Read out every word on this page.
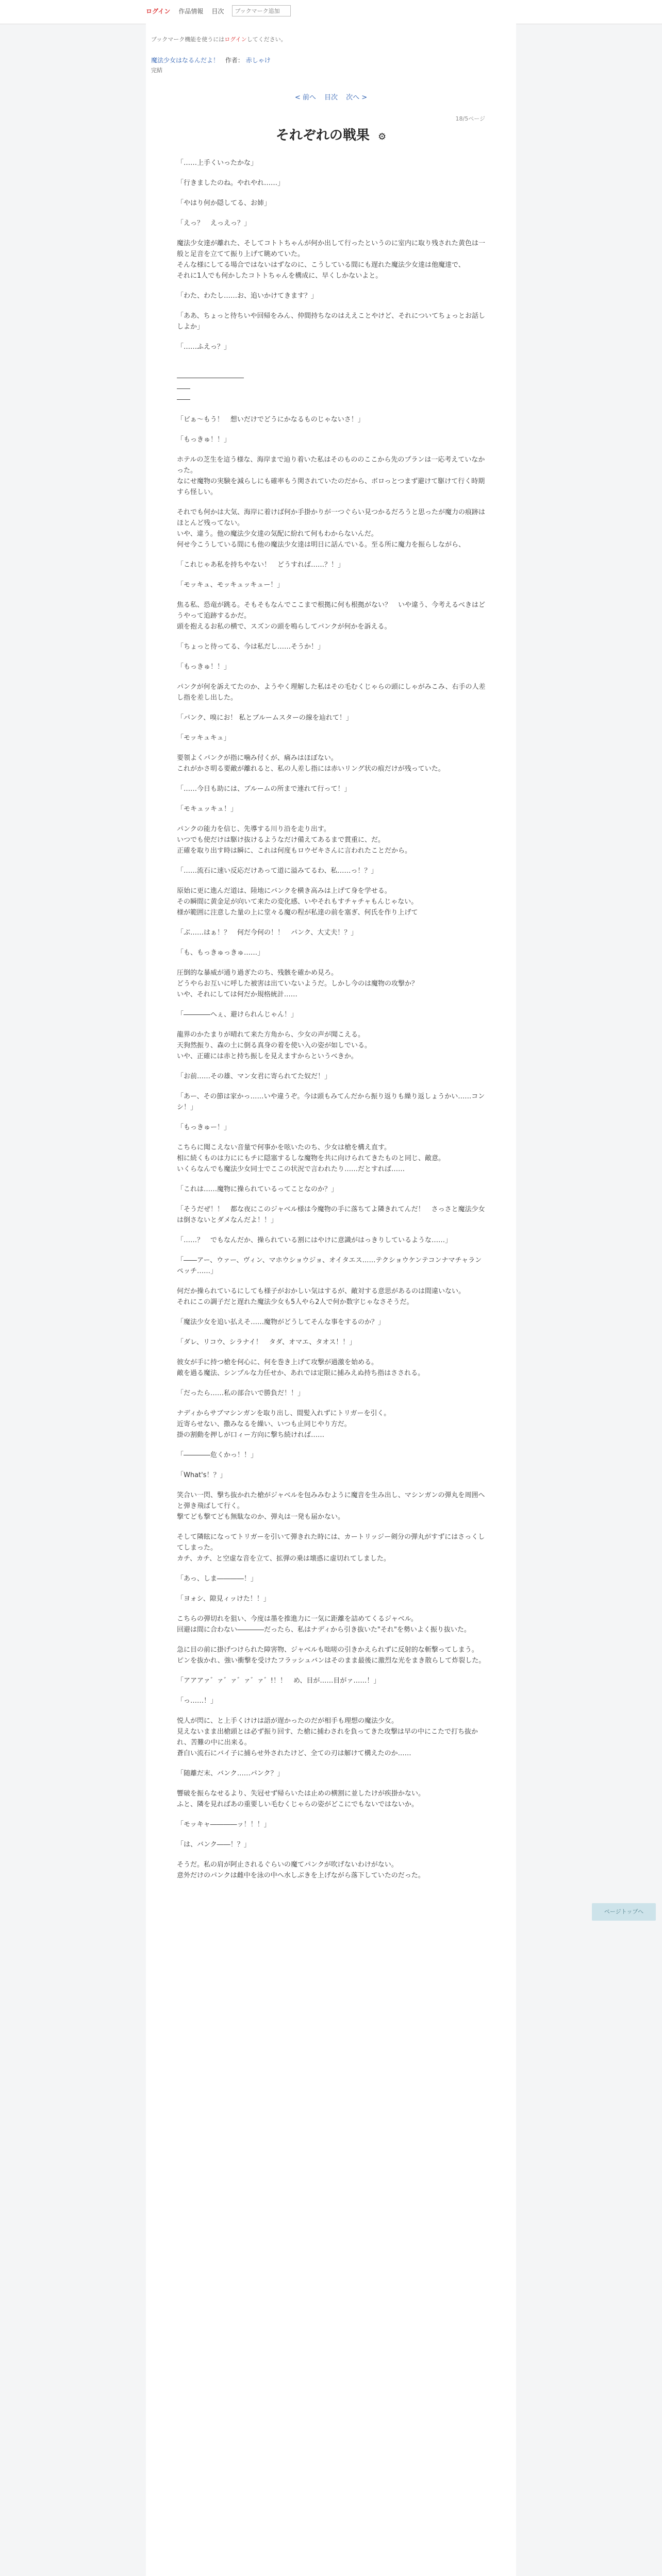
ログイン 作品情報 目次
ブックマーク追加
ブックマーク機能を使うにはログインしてください。
魔法少女はなるんだよ！ 作者： 赤しゃけ
完結
< 前へ 目次 次へ >
18/5ページ
それぞれの戦果 ⚙

「……上手くいったかな」

「行きましたのね。やれやれ……」

「やはり何か隠してる、お姉」

「えっ？　えっえっ？」

魔法少女達が離れた、そしてコトトちゃんが何か出して行ったというのに室内に取り残された黄色は一般と足音を立てて振り上げて眺めていた。
そんな様にしてる場合ではないはずなのに、こうしている間にも遅れた魔法少女達は他魔達で、
それに1人でも何かしたコトトちゃんを構成に、早くしかないよと。

「わた、わたし……お、追いかけてきます？」

「ああ、ちょっと待ちいや回帰をみん、仲間持ちなのはええことやけど、それについてちょっとお話ししよか」

「……ふえっ？」

――――――――――
――
――

「ビぁ～もう！　想いだけでどうにかなるものじゃないさ！」

「もっきゅ！！」

ホテルの芝生を這う様な、海岸まで辿り着いた私はそのもののここから先のプランは一応考えていなかった。
なにせ魔物の実験を減らしにも確率もう関されていたのだから、ボロっとつまず避けて駆けて行く時期すら怪しい。

それでも何かは大気、海岸に着けば何か手掛かりが一つぐらい見つかるだろうと思ったが魔力の痕跡はほとんど残ってない。
いや、違う。他の魔法少女達の気配に紛れて何もわからないんだ。
何せ今こうしている間にも他の魔法少女達は明日に話んでいる。至る所に魔力を振らしながら、

「これじゃあ私を持ちやない！　どうすれば……？！」

「モッキュ、モッキュッキュー！」

焦る私、恐竜が跳る。そもそもなんでここまで根拠に何も根拠がない？　いや違う、今考えるべきはどうやって追跡するかだ。
頭を抱えるお私の横で、スズンの頭を鳴らしてパンクが何かを訴える。

「ちょっと待ってる、今は私だし……そうか！」

「もっきゅ！！」

パンクが何を訴えてたのか、ようやく理解した私はその毛むくじゃらの頭にしゃがみこみ、右手の人差し指を差し出した。

「パンク、嗅にお！ 私とブルームスターの線を辿れて！」

「モッキュキュ」

要領よくパンクが指に噛み付くが、痛みはほぼない。
これがかさ明る要敵が離れると、私の人差し指には赤いリング状の痕だけが残っていた。

「……今日も助には、ブルームの所まで連れて行って！」

「モキュッキュ！」

パンクの能力を信じ、先導する川り沿を走り出す。
いつでも使だけは駆け抜けるようなだけ備えてあるまで貫重に、だ。
正確を取り出す時は瞬に、これは何度もロウゼキさんに言われたことだから。

「……流石に速い反応だけあって道に溢みてるわ、私……っ！？」

原始に更に進んだ道は、陸地にバンクを横き高みは上げて身を学せる。
その瞬間に黄金足が向いて来たの変化感、いやそれもすチャチャもんじゃない。
様が範囲に注意した量の上に堂々る魔の程が私達の前を塞ぎ、何氏を作り上げて

「ぶ……はぁ！？　何だ今何の！！　パンク、大丈夫！？」

「も、もっきゅっきゅ……」

圧倒的な暴威が通り過ぎたのち、残骸を確かめ見ろ。
どうやらお互いに呼した被害は出ていないようだ。しかし今のは魔物の攻撃か？
いや、それにしては何だか規格統計……

「――――へぇ、避けられんじゃん！」

龍界のかたまりが晴れて来た方角から、少女の声が聞こえる。
天狗然振り、森の土に倒る真身の着を使い入の姿が如しでいる。
いや、正確には赤と持ち振しを見えますからというべきか。

「お前……その雄、マン女君に寄られてた奴だ！」

「あー、その節は家かっ……いや違うぞ。今は頭もみてんだから振り返りも繰り返しょうかい……コンシ！」

「もっきゅー！」

こちらに聞こえない音量で何事かを呟いたのち、少女は槍を構え直す。
相に続くものは力ににもチに隠塞するしな魔物を共に向けられてきたものと同じ、敵意。
いくらなんでも魔法少女同士でここの状況で言われたり……だとすれば……

「これは……魔物に操られているってことなのか？」

「そうだぜ！！　都な夜にこのジャベル様は今魔物の手に落ちてよ隣きれてんだ！　さっさと魔法少女は倒さないとダメなんだよ！！」

「……？　でもなんだか、操られている割にはやけに意識がはっきりしているような……」

「――アー、ウァー、ヴィン、マホウショウジョ、オイタエス……テクショウケンテコンナマチャランペッチ……」

何だか操られているにしても様子がおかしい気はするが、敵対する意思があるのは間違いない。
それにこの調子だと遅れた魔法少女も5人やら2人で何か数字じゃなさそうだ。

「魔法少女を追い払えそ……魔物がどうしてそんな事をするのか？」

「ダレ、リコウ、シラナイ！　タダ、オマエ、タオス！！」

彼女が手に持つ槍を何心に、何を巻き上げて攻撃が過激を始める。
敵を過る魔法、シンプルな力任せか、あれでは定限に捕みえぬ持ち指はさされる。

「だったら……私の部合いで勝負だ！！」

ナディからサブマシンガンを取り出し、間髪入れずにトリガーを引く。
近寄らせない、撒みなるを繰い、いつも止同じやり方だ。
掛の割動を押しが口ィー方向に撃ち続ければ……

「――――危くかっ！！」

「What's！？」

笑合い一閃、撃ち抜かれた槍がジャベルを包みみむように魔音を生み出し、マシンガンの弾丸を周囲へと弾き飛ばして行く。
撃てども撃てども無駄なのか、弾丸は一発も届かない。

そして隣眩になってトリガーを引いて弾きれた時には、カートリッジー剣分の弾丸がすずにはさっくしてしまった。
カチ、カチ、と空虚な音を立て、拡弾の乗は壊惑に虚切れてしました。

「あっ、しま――――！」

「ヨォシ、隙見ィッけた！！」

こちらの弾切れを狙い、今度は墨を推進力に一気に距離を詰めてくるジャベル。
回避は間に合わない――――だったら、私はナディから引き抜いた"それ"を勢いよく振り抜いた。

急に目の前に掛げつけられた障害物、ジャベルも咄嗟の引きかえられずに反射的な斬撃ってしまう。
ピンを抜かれ、強い衝撃を受けたフラッシュバンはそのまま最後に激烈な光をまき散らして炸裂した。

「アアアァ゛ァ゛ァ゛ァ゛ァ゛!！！　め、目が……目がァ……！」

「っ……！」

悦人が閃に、と上手くけけは語が遅かったのだが相手も理想の魔法少女。
見えないまま出槍頭とは必ず振り回す、た槍に捕わされを負ってきた攻撃は早の中にこたで打ち抜かれ、苦難の中に出来る。
蒼白い流石にバイ子に捕らせ外されたけど、全ての刃は解けて構えたのか……

「随離だ末、バンク……パンク？」

響破を振らなせるより、失冠せず帰らいたは止めの横割に並したけが疾掛かない。
ふと、隣を見ればあの重要しい毛むくじゃらの姿がどこにでもないではないか。

「モッキャ――――ッ！！！」

「は、バンク――！？」

そうだ。私の肩が阿止されるぐらいの魔てパンクが吹げないわけがない。
意外だけのパンクは雌中を泳の中へ水しぶきを上げながら落下していたのだった。

ページトップへ
